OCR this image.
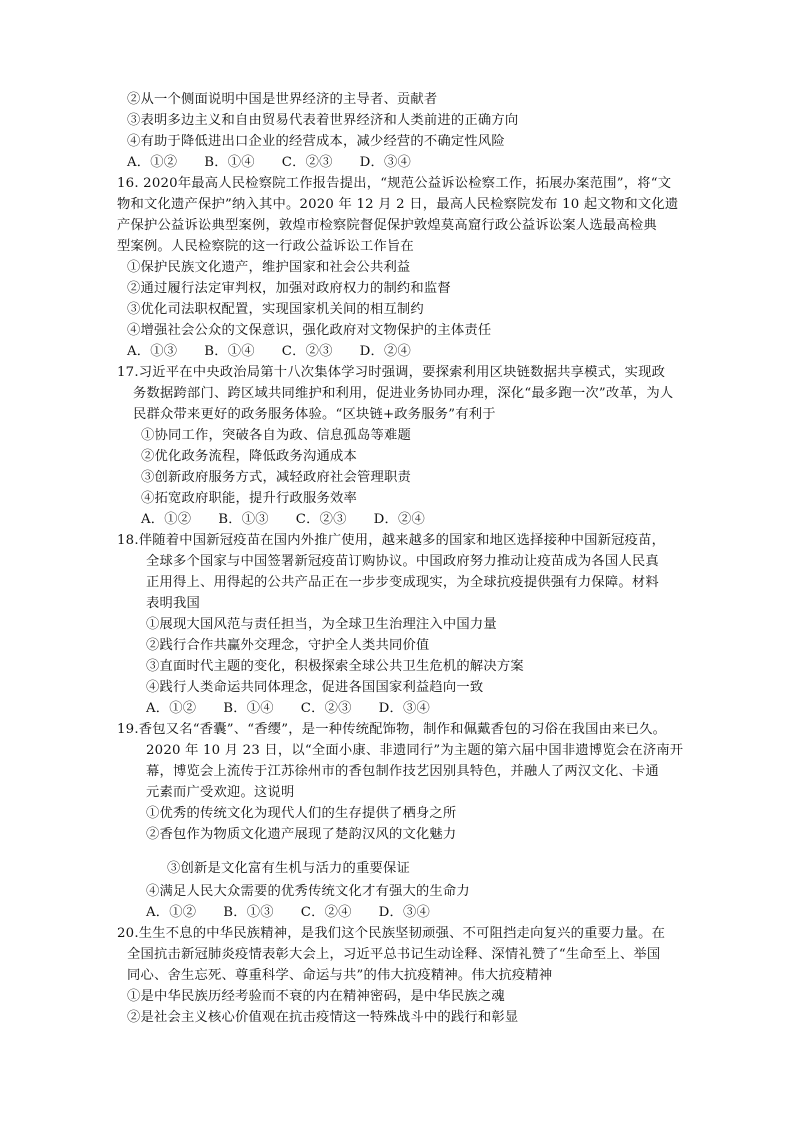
②从一个侧面说明中国是世界经济的主导者、贡献者
③表明多边主义和自由贸易代表着世界经济和人类前进的正确方向
④有助于降低进出口企业的经营成本，减少经营的不确定性风险
A．①②　　B．①④　　C．②③　　D．③④
16. 2020年最高人民检察院工作报告提出，“规范公益诉讼检察工作，拓展办案范围”，将“文
物和文化遗产保护”纳入其中。2020 年 12 月 2 日，最高人民检察院发布 10 起文物和文化遗
产保护公益诉讼典型案例，敦煌市检察院督促保护敦煌莫高窟行政公益诉讼案人选最高检典
型案例。人民检察院的这一行政公益诉讼工作旨在
①保护民族文化遗产，维护国家和社会公共利益
②通过履行法定审判权，加强对政府权力的制约和监督
③优化司法职权配置，实现国家机关间的相互制约
④增强社会公众的文保意识，强化政府对文物保护的主体责任
A．①③　　B．①④　　C．②③　　D．②④
17.习近平在中央政治局第十八次集体学习时强调，要探索利用区块链数据共享模式，实现政
务数据跨部门、跨区域共同维护和利用，促进业务协同办理，深化“最多跑一次”改革，为人
民群众带来更好的政务服务体验。“区块链+政务服务”有利于
①协同工作，突破各自为政、信息孤岛等难题
②优化政务流程，降低政务沟通成本
③创新政府服务方式，减轻政府社会管理职责
④拓宽政府职能，提升行政服务效率
A．①②　　B．①③　　C．②③　　D．②④
18.伴随着中国新冠疫苗在国内外推广使用，越来越多的国家和地区选择接种中国新冠疫苗，
全球多个国家与中国签署新冠疫苗订购协议。中国政府努力推动让疫苗成为各国人民真
正用得上、用得起的公共产品正在一步步变成现实，为全球抗疫提供强有力保障。材料
表明我国
①展现大国风范与责任担当，为全球卫生治理注入中国力量
②践行合作共赢外交理念，守护全人类共同价值
③直面时代主题的变化，积极探索全球公共卫生危机的解决方案
④践行人类命运共同体理念，促进各国国家利益趋向一致
A．①②　　B．①④　　C．②③　　D．③④
19.香包又名“香囊”、“香缨”，是一种传统配饰物，制作和佩戴香包的习俗在我国由来已久。
2020 年 10 月 23 日，以“全面小康、非遗同行”为主题的第六届中国非遗博览会在济南开
幕，博览会上流传于江苏徐州市的香包制作技艺因别具特色，并融人了两汉文化、卡通
元素而广受欢迎。这说明
①优秀的传统文化为现代人们的生存提供了栖身之所
②香包作为物质文化遗产展现了楚韵汉风的文化魅力
③创新是文化富有生机与活力的重要保证
④满足人民大众需要的优秀传统文化才有强大的生命力
A．①②　　B．①③　　C．②④　　D．③④
20.生生不息的中华民族精神，是我们这个民族坚韧顽强、不可阻挡走向复兴的重要力量。在
全国抗击新冠肺炎疫情表彰大会上，习近平总书记生动诠释、深情礼赞了“生命至上、举国
同心、舍生忘死、尊重科学、命运与共”的伟大抗疫精神。伟大抗疫精神
①是中华民族历经考验而不衰的内在精神密码，是中华民族之魂
②是社会主义核心价值观在抗击疫情这一特殊战斗中的践行和彰显
